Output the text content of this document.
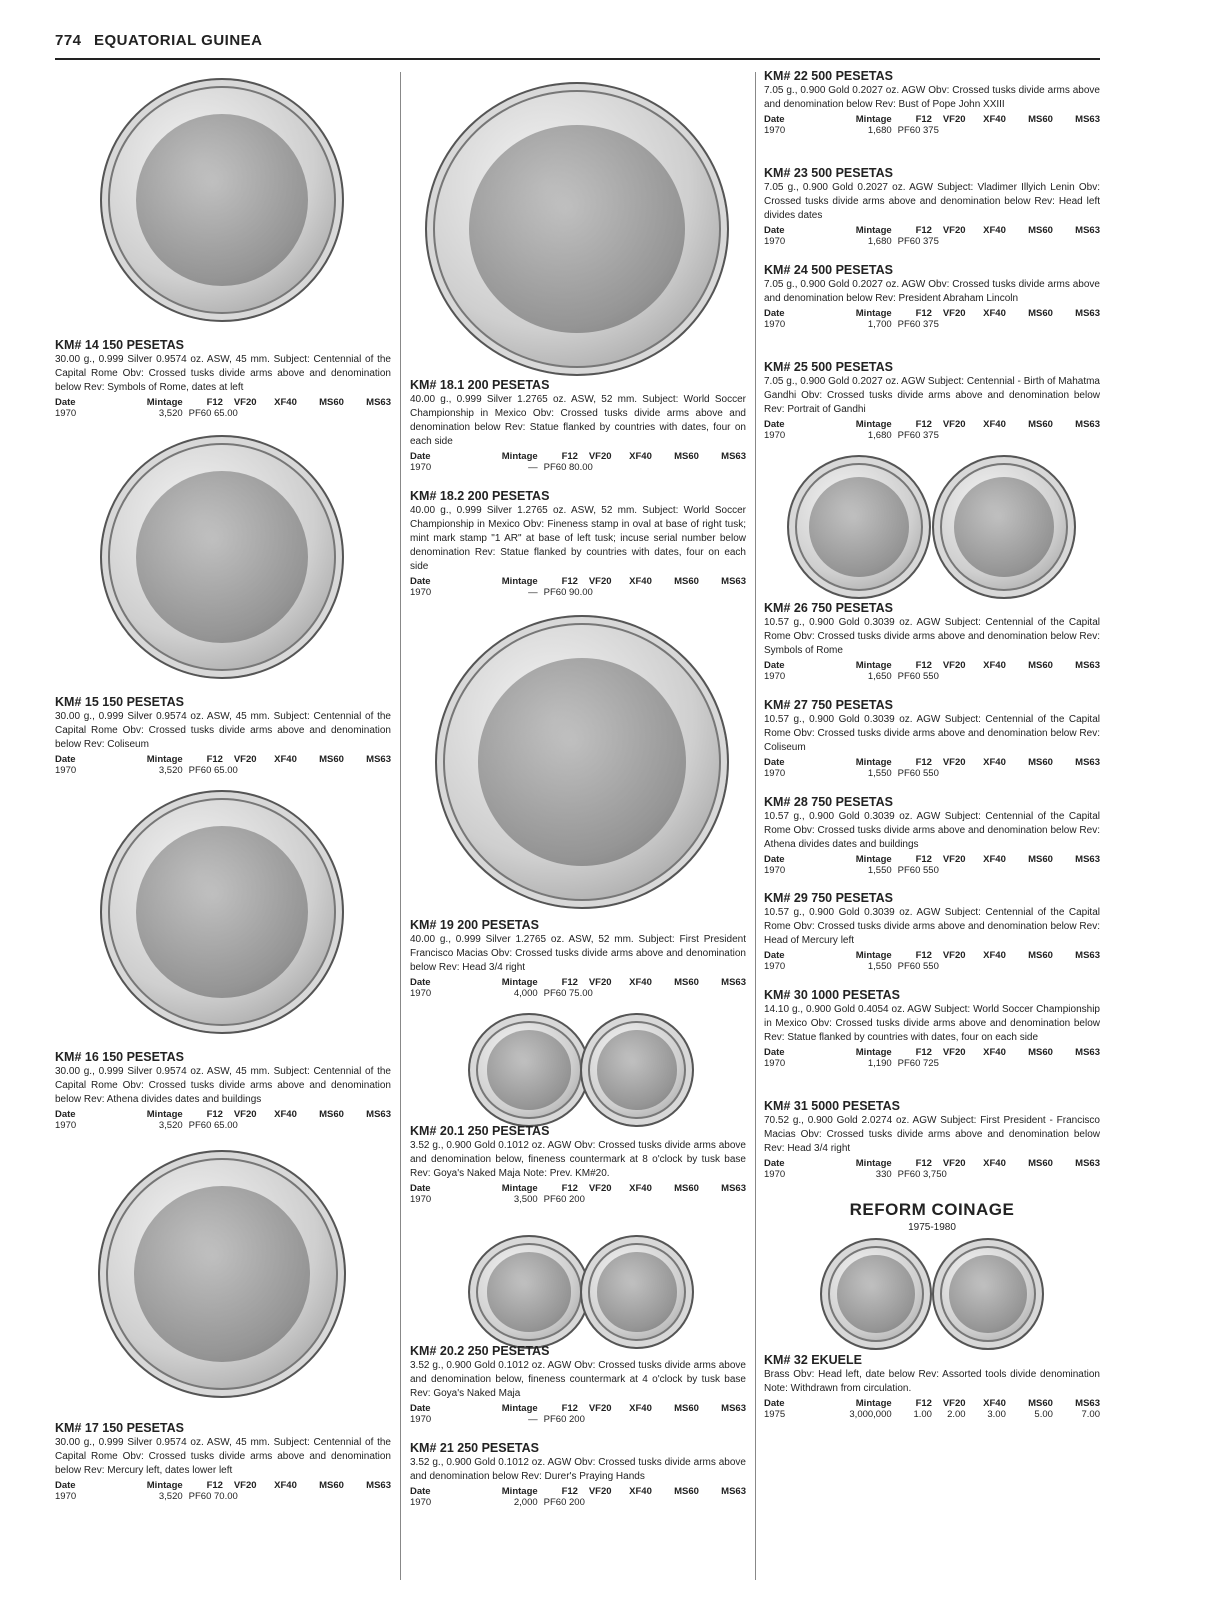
774 EQUATORIAL GUINEA
REFORM COINAGE
1975-1980
KM# 14 150 PESETAS

30.00 g., 0.999 Silver 0.9574 oz. ASW, 45 mm. Subject: Centennial of the Capital Rome Obv: Crossed tusks divide arms above and denomination below Rev: Symbols of Rome, dates at left

Date	Mintage	F12	VF20	XF40	MS60	MS63
1970	3,520	PF60 65.00				
KM# 15 150 PESETAS

30.00 g., 0.999 Silver 0.9574 oz. ASW, 45 mm. Subject: Centennial of the Capital Rome Obv: Crossed tusks divide arms above and denomination below Rev: Coliseum

Date	Mintage	F12	VF20	XF40	MS60	MS63
1970	3,520	PF60 65.00				
KM# 16 150 PESETAS

30.00 g., 0.999 Silver 0.9574 oz. ASW, 45 mm. Subject: Centennial of the Capital Rome Obv: Crossed tusks divide arms above and denomination below Rev: Athena divides dates and buildings

Date	Mintage	F12	VF20	XF40	MS60	MS63
1970	3,520	PF60 65.00				
KM# 17 150 PESETAS

30.00 g., 0.999 Silver 0.9574 oz. ASW, 45 mm. Subject: Centennial of the Capital Rome Obv: Crossed tusks divide arms above and denomination below Rev: Mercury left, dates lower left

Date	Mintage	F12	VF20	XF40	MS60	MS63
1970	3,520	PF60 70.00				
KM# 18.1 200 PESETAS

40.00 g., 0.999 Silver 1.2765 oz. ASW, 52 mm. Subject: World Soccer Championship in Mexico Obv: Crossed tusks divide arms above and denomination below Rev: Statue flanked by countries with dates, four on each side

Date	Mintage	F12	VF20	XF40	MS60	MS63
1970	—	PF60 80.00				
KM# 18.2 200 PESETAS

40.00 g., 0.999 Silver 1.2765 oz. ASW, 52 mm. Subject: World Soccer Championship in Mexico Obv: Fineness stamp in oval at base of right tusk; mint mark stamp "1 AR" at base of left tusk; incuse serial number below denomination Rev: Statue flanked by countries with dates, four on each side

Date	Mintage	F12	VF20	XF40	MS60	MS63
1970	—	PF60 90.00				
KM# 19 200 PESETAS

40.00 g., 0.999 Silver 1.2765 oz. ASW, 52 mm. Subject: First President Francisco Macias Obv: Crossed tusks divide arms above and denomination below Rev: Head 3/4 right

Date	Mintage	F12	VF20	XF40	MS60	MS63
1970	4,000	PF60 75.00				
KM# 20.1 250 PESETAS

3.52 g., 0.900 Gold 0.1012 oz. AGW Obv: Crossed tusks divide arms above and denomination below, fineness countermark at 8 o'clock by tusk base Rev: Goya's Naked Maja Note: Prev. KM#20.

Date	Mintage	F12	VF20	XF40	MS60	MS63
1970	3,500	PF60 200				
KM# 20.2 250 PESETAS

3.52 g., 0.900 Gold 0.1012 oz. AGW Obv: Crossed tusks divide arms above and denomination below, fineness countermark at 4 o'clock by tusk base Rev: Goya's Naked Maja

Date	Mintage	F12	VF20	XF40	MS60	MS63
1970	—	PF60 200				
KM# 21 250 PESETAS

3.52 g., 0.900 Gold 0.1012 oz. AGW Obv: Crossed tusks divide arms above and denomination below Rev: Durer's Praying Hands

Date	Mintage	F12	VF20	XF40	MS60	MS63
1970	2,000	PF60 200				
KM# 22 500 PESETAS

7.05 g., 0.900 Gold 0.2027 oz. AGW Obv: Crossed tusks divide arms above and denomination below Rev: Bust of Pope John XXIII

Date	Mintage	F12	VF20	XF40	MS60	MS63
1970	1,680	PF60 375				
KM# 23 500 PESETAS

7.05 g., 0.900 Gold 0.2027 oz. AGW Subject: Vladimer Illyich Lenin Obv: Crossed tusks divide arms above and denomination below Rev: Head left divides dates

Date	Mintage	F12	VF20	XF40	MS60	MS63
1970	1,680	PF60 375				
KM# 24 500 PESETAS

7.05 g., 0.900 Gold 0.2027 oz. AGW Obv: Crossed tusks divide arms above and denomination below Rev: President Abraham Lincoln

Date	Mintage	F12	VF20	XF40	MS60	MS63
1970	1,700	PF60 375				
KM# 25 500 PESETAS

7.05 g., 0.900 Gold 0.2027 oz. AGW Subject: Centennial - Birth of Mahatma Gandhi Obv: Crossed tusks divide arms above and denomination below Rev: Portrait of Gandhi

Date	Mintage	F12	VF20	XF40	MS60	MS63
1970	1,680	PF60 375				
KM# 26 750 PESETAS

10.57 g., 0.900 Gold 0.3039 oz. AGW Subject: Centennial of the Capital Rome Obv: Crossed tusks divide arms above and denomination below Rev: Symbols of Rome

Date	Mintage	F12	VF20	XF40	MS60	MS63
1970	1,650	PF60 550				
KM# 27 750 PESETAS

10.57 g., 0.900 Gold 0.3039 oz. AGW Subject: Centennial of the Capital Rome Obv: Crossed tusks divide arms above and denomination below Rev: Coliseum

Date	Mintage	F12	VF20	XF40	MS60	MS63
1970	1,550	PF60 550				
KM# 28 750 PESETAS

10.57 g., 0.900 Gold 0.3039 oz. AGW Subject: Centennial of the Capital Rome Obv: Crossed tusks divide arms above and denomination below Rev: Athena divides dates and buildings

Date	Mintage	F12	VF20	XF40	MS60	MS63
1970	1,550	PF60 550				
KM# 29 750 PESETAS

10.57 g., 0.900 Gold 0.3039 oz. AGW Subject: Centennial of the Capital Rome Obv: Crossed tusks divide arms above and denomination below Rev: Head of Mercury left

Date	Mintage	F12	VF20	XF40	MS60	MS63
1970	1,550	PF60 550				
KM# 30 1000 PESETAS

14.10 g., 0.900 Gold 0.4054 oz. AGW Subject: World Soccer Championship in Mexico Obv: Crossed tusks divide arms above and denomination below Rev: Statue flanked by countries with dates, four on each side

Date	Mintage	F12	VF20	XF40	MS60	MS63
1970	1,190	PF60 725				
KM# 31 5000 PESETAS

70.52 g., 0.900 Gold 2.0274 oz. AGW Subject: First President - Francisco Macias Obv: Crossed tusks divide arms above and denomination below Rev: Head 3/4 right

Date	Mintage	F12	VF20	XF40	MS60	MS63
1970	330	PF60 3,750				
KM# 32 EKUELE

Brass Obv: Head left, date below Rev: Assorted tools divide denomination Note: Withdrawn from circulation.

Date	Mintage	F12	VF20	XF40	MS60	MS63
1975	3,000,000	1.00	2.00	3.00	5.00	7.00
